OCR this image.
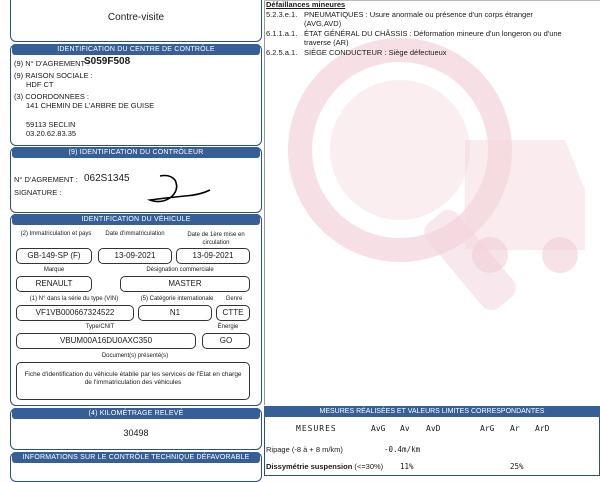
Contre-visite
IDENTIFICATION DU CENTRE DE CONTRÔLE
(9) N° D'AGREMENT :
S059F508
(9) RAISON SOCIALE :
HDF CT
(3) COORDONNEES :
141 CHEMIN DE L'ARBRE DE GUISE
59113 SECLIN
03.20.62.83.35
(9) IDENTIFICATION DU CONTRÔLEUR
N° D'AGREMENT : 062S1345
SIGNATURE :
IDENTIFICATION DU VÉHICULE
(2) Immatriculation et pays	Date d'immatriculation	Date de 1ère mise en circulation
GB-149-SP (F)	13-09-2021	13-09-2021
Marque	Désignation commerciale
RENAULT	MASTER
(1) N° dans la série du type (VIN)	(5) Catégorie internationale	Genre
VF1VB000667324522	N1	CTTE
Type/CNIT	Énergie
VBUM00A16DU0AXC350	GO
Document(s) présenté(s)
Fiche d'identification du véhicule établie par les services de l'Etat en charge de l'immatriculation des véhicules
(4) KILOMÉTRAGE RELEVÉ
30498
INFORMATIONS SUR LE CONTRÔLE TECHNIQUE DÉFAVORABLE
Défaillances mineures
5.2.3.e.1. PNEUMATIQUES : Usure anormale ou présence d'un corps étranger
(AVG,AVD)
6.1.1.a.1. ÉTAT GÉNÉRAL DU CHÂSSIS : Déformation mineure d'un longeron ou d'une
traverse (AR)
6.2.5.a.1. SIÈGE CONDUCTEUR : Siège défectueux
MESURES RÉALISÉES ET VALEURS LIMITES CORRESPONDANTES
MESURES	AvG Av AvD	ArG Ar ArD
Ripage (-8 à + 8 m/km)	-0.4m/km
Dissymétrie suspension (<=30%) 11%	25%
